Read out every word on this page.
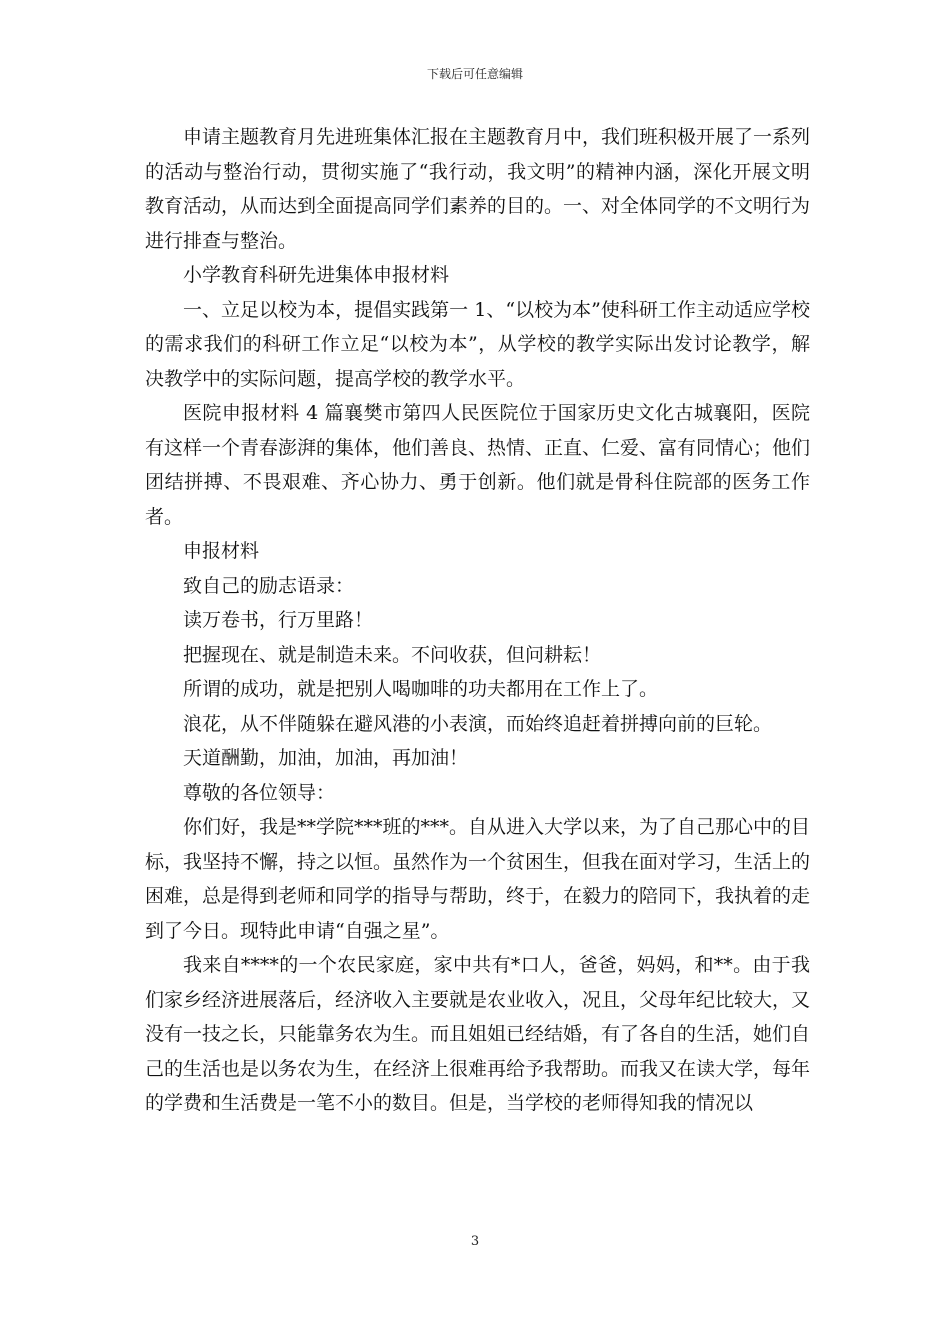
下载后可任意编辑

申请主题教育月先进班集体汇报在主题教育月中，我们班积极开展了一系列的活动与整治行动，贯彻实施了“我行动，我文明”的精神内涵，深化开展文明教育活动，从而达到全面提高同学们素养的目的。一、对全体同学的不文明行为进行排查与整治。

小学教育科研先进集体申报材料

一、立足以校为本，提倡实践第一 1、“以校为本”使科研工作主动适应学校的需求我们的科研工作立足“以校为本”，从学校的教学实际出发讨论教学，解决教学中的实际问题，提高学校的教学水平。

医院申报材料 4 篇襄樊市第四人民医院位于国家历史文化古城襄阳，医院有这样一个青春澎湃的集体，他们善良、热情、正直、仁爱、富有同情心；他们团结拼搏、不畏艰难、齐心协力、勇于创新。他们就是骨科住院部的医务工作者。

申报材料

致自己的励志语录：

读万卷书，行万里路！

把握现在、就是制造未来。不问收获，但问耕耘！

所谓的成功，就是把别人喝咖啡的功夫都用在工作上了。

浪花，从不伴随躲在避风港的小表演，而始终追赶着拼搏向前的巨轮。

天道酬勤，加油，加油，再加油！

尊敬的各位领导：

你们好，我是**学院***班的***。自从进入大学以来，为了自己那心中的目标，我坚持不懈，持之以恒。虽然作为一个贫困生，但我在面对学习，生活上的困难，总是得到老师和同学的指导与帮助，终于，在毅力的陪同下，我执着的走到了今日。现特此申请“自强之星”。

我来自****的一个农民家庭，家中共有*口人，爸爸，妈妈，和**。由于我们家乡经济进展落后，经济收入主要就是农业收入，况且，父母年纪比较大，又没有一技之长，只能靠务农为生。而且姐姐已经结婚，有了各自的生活，她们自己的生活也是以务农为生，在经济上很难再给予我帮助。而我又在读大学，每年的学费和生活费是一笔不小的数目。但是，当学校的老师得知我的情况以

3
